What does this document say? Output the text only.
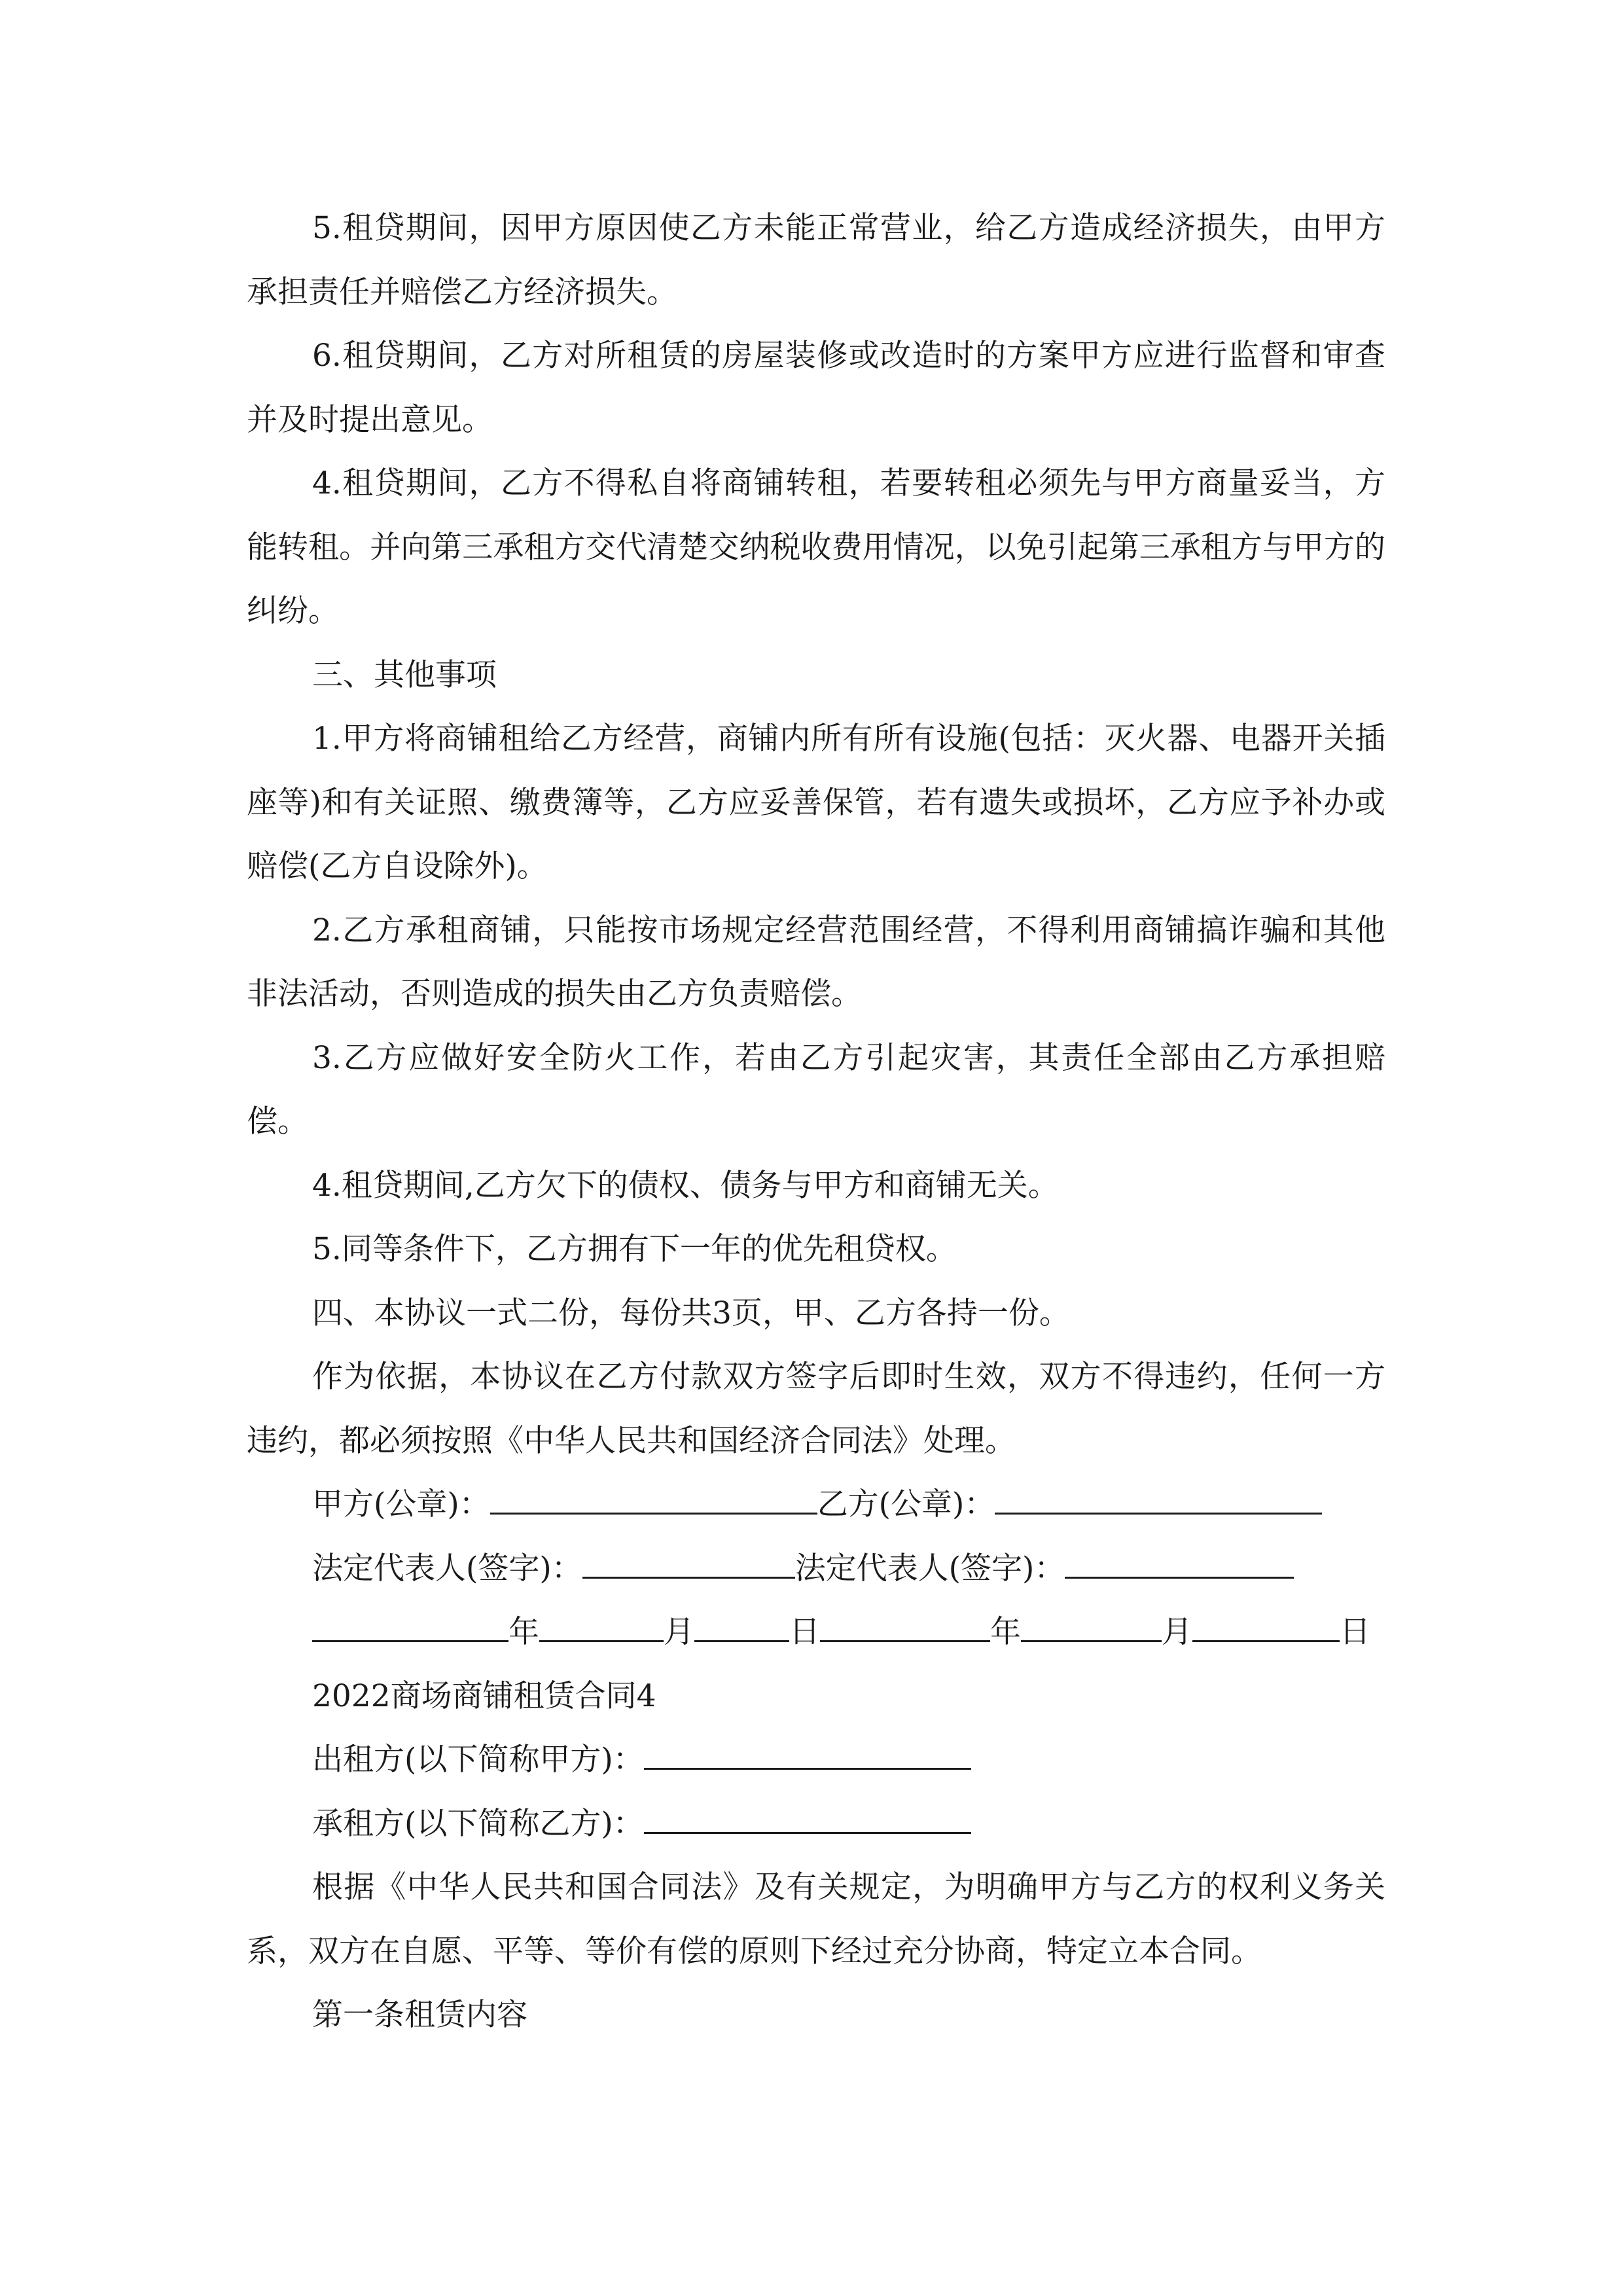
5.租贷期间，因甲方原因使乙方未能正常营业，给乙方造成经济损失，由甲方承担责任并赔偿乙方经济损失。

6.租贷期间，乙方对所租赁的房屋装修或改造时的方案甲方应进行监督和审查并及时提出意见。

4.租贷期间，乙方不得私自将商铺转租，若要转租必须先与甲方商量妥当，方能转租。并向第三承租方交代清楚交纳税收费用情况，以免引起第三承租方与甲方的纠纷。

三、其他事项

1.甲方将商铺租给乙方经营，商铺内所有所有设施(包括：灭火器、电器开关插座等)和有关证照、缴费簿等，乙方应妥善保管，若有遗失或损坏，乙方应予补办或赔偿(乙方自设除外)。

2.乙方承租商铺，只能按市场规定经营范围经营，不得利用商铺搞诈骗和其他非法活动，否则造成的损失由乙方负责赔偿。

3.乙方应做好安全防火工作，若由乙方引起灾害，其责任全部由乙方承担赔偿。

4.租贷期间,乙方欠下的债权、债务与甲方和商铺无关。

5.同等条件下，乙方拥有下一年的优先租贷权。

四、本协议一式二份，每份共3页，甲、乙方各持一份。

作为依据，本协议在乙方付款双方签字后即时生效，双方不得违约，任何一方违约，都必须按照《中华人民共和国经济合同法》处理。

甲方(公章)：	乙方(公章)：
法定代表人(签字)：	法定代表人(签字)：
年	月	日	年	月	日
2022商场商铺租赁合同4
出租方(以下简称甲方)：
承租方(以下简称乙方)：

根据《中华人民共和国合同法》及有关规定，为明确甲方与乙方的权利义务关系，双方在自愿、平等、等价有偿的原则下经过充分协商，特定立本合同。

第一条租赁内容
